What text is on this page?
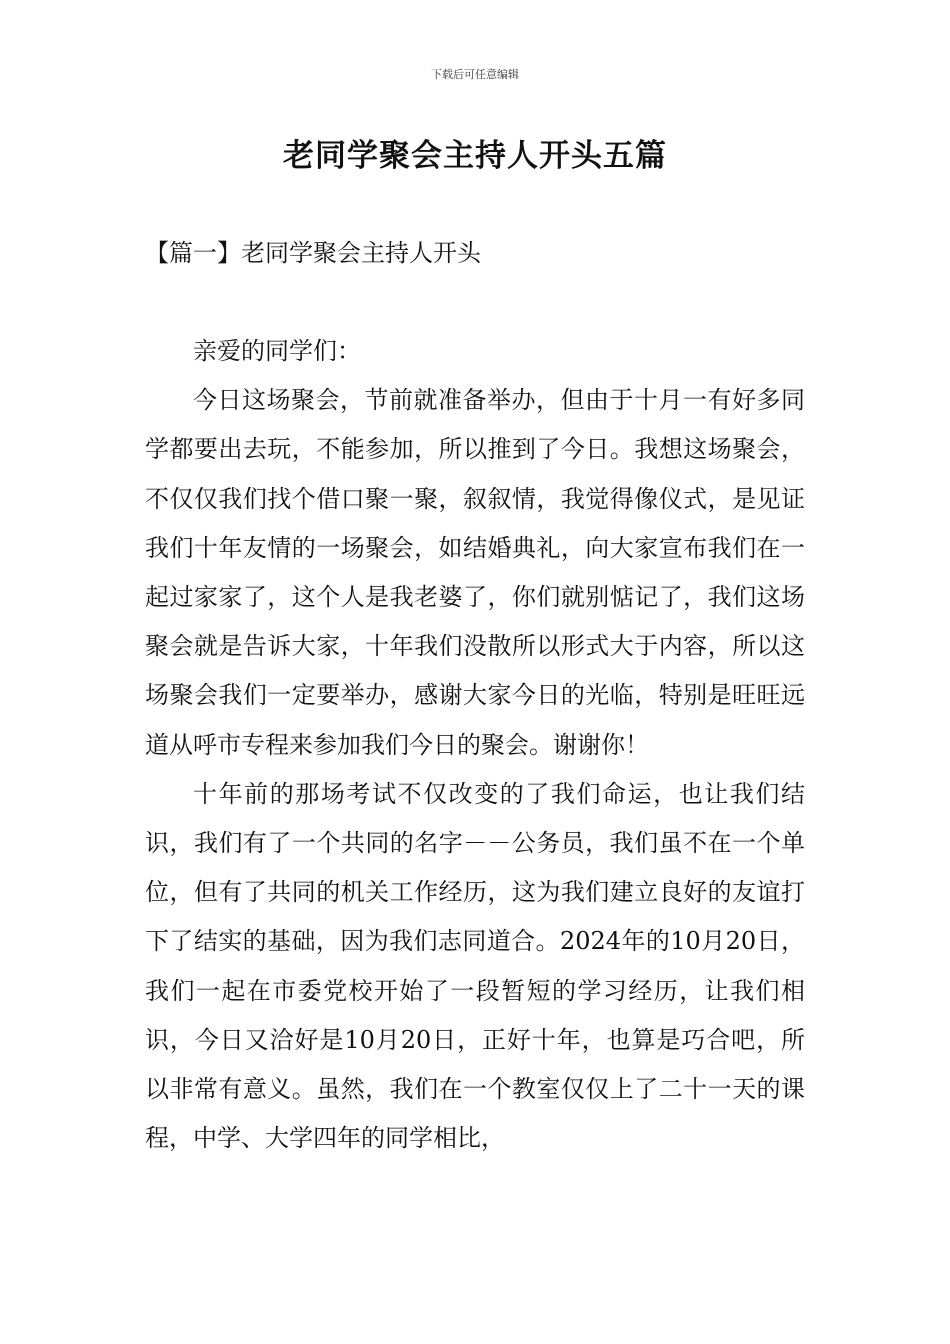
下载后可任意编辑
老同学聚会主持人开头五篇
【篇一】老同学聚会主持人开头

亲爱的同学们：

今日这场聚会，节前就准备举办，但由于十月一有好多同学都要出去玩，不能参加，所以推到了今日。我想这场聚会，不仅仅我们找个借口聚一聚，叙叙情，我觉得像仪式，是见证我们十年友情的一场聚会，如结婚典礼，向大家宣布我们在一起过家家了，这个人是我老婆了，你们就别惦记了，我们这场聚会就是告诉大家，十年我们没散所以形式大于内容，所以这场聚会我们一定要举办，感谢大家今日的光临，特别是旺旺远道从呼市专程来参加我们今日的聚会。谢谢你！

十年前的那场考试不仅改变的了我们命运，也让我们结识，我们有了一个共同的名字－－公务员，我们虽不在一个单位，但有了共同的机关工作经历，这为我们建立良好的友谊打下了结实的基础，因为我们志同道合。2024年的10月20日，我们一起在市委党校开始了一段暂短的学习经历，让我们相识，今日又洽好是10月20日，正好十年，也算是巧合吧，所以非常有意义。虽然，我们在一个教室仅仅上了二十一天的课程，中学、大学四年的同学相比，
